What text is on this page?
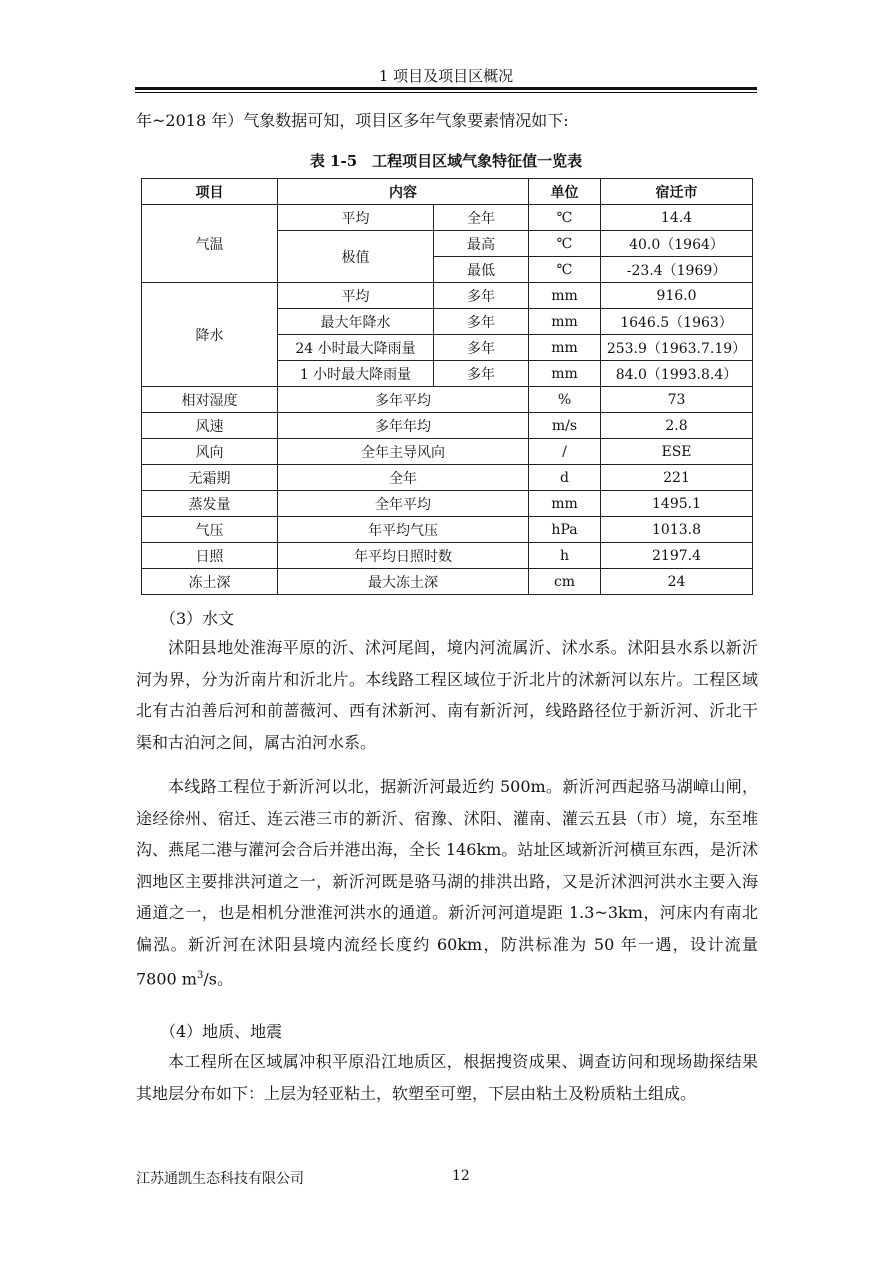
1 项目及项目区概况

年~2018 年）气象数据可知，项目区多年气象要素情况如下:

表 1-5　工程项目区域气象特征值一览表
项目	内容		单位	宿迁市
气温	平均	全年	℃	14.4
	极值	最高	℃	40.0（1964）
		最低	℃	-23.4（1969）
降水	平均	多年	mm	916.0
	最大年降水	多年	mm	1646.5（1963）
	24 小时最大降雨量	多年	mm	253.9（1963.7.19）
	1 小时最大降雨量	多年	mm	84.0（1993.8.4）
相对湿度	多年平均		%	73
风速	多年年均		m/s	2.8
风向	全年主导风向		/	ESE
无霜期	全年		d	221
蒸发量	全年平均		mm	1495.1
气压	年平均气压		hPa	1013.8
日照	年平均日照时数		h	2197.4
冻土深	最大冻土深		cm	24
（3）水文

沭阳县地处淮海平原的沂、沭河尾闾，境内河流属沂、沭水系。沭阳县水系以新沂河为界，分为沂南片和沂北片。本线路工程区域位于沂北片的沭新河以东片。工程区域北有古泊善后河和前蔷薇河、西有沭新河、南有新沂河，线路路径位于新沂河、沂北干渠和古泊河之间，属古泊河水系。

本线路工程位于新沂河以北，据新沂河最近约 500m。新沂河西起骆马湖嶂山闸，途经徐州、宿迁、连云港三市的新沂、宿豫、沭阳、灌南、灌云五县（市）境，东至堆沟、燕尾二港与灌河会合后并港出海，全长 146km。站址区域新沂河横亘东西，是沂沭泗地区主要排洪河道之一，新沂河既是骆马湖的排洪出路，又是沂沭泗河洪水主要入海通道之一，也是相机分泄淮河洪水的通道。新沂河河道堤距 1.3~3km，河床内有南北偏泓。新沂河在沭阳县境内流经长度约 60km，防洪标准为 50 年一遇，设计流量 7800 $m^3/s$。

（4）地质、地震

本工程所在区域属冲积平原沿江地质区，根据搜资成果、调查访问和现场勘探结果其地层分布如下：上层为轻亚粘土，软塑至可塑，下层由粘土及粉质粘土组成。

江苏通凯生态科技有限公司	12
